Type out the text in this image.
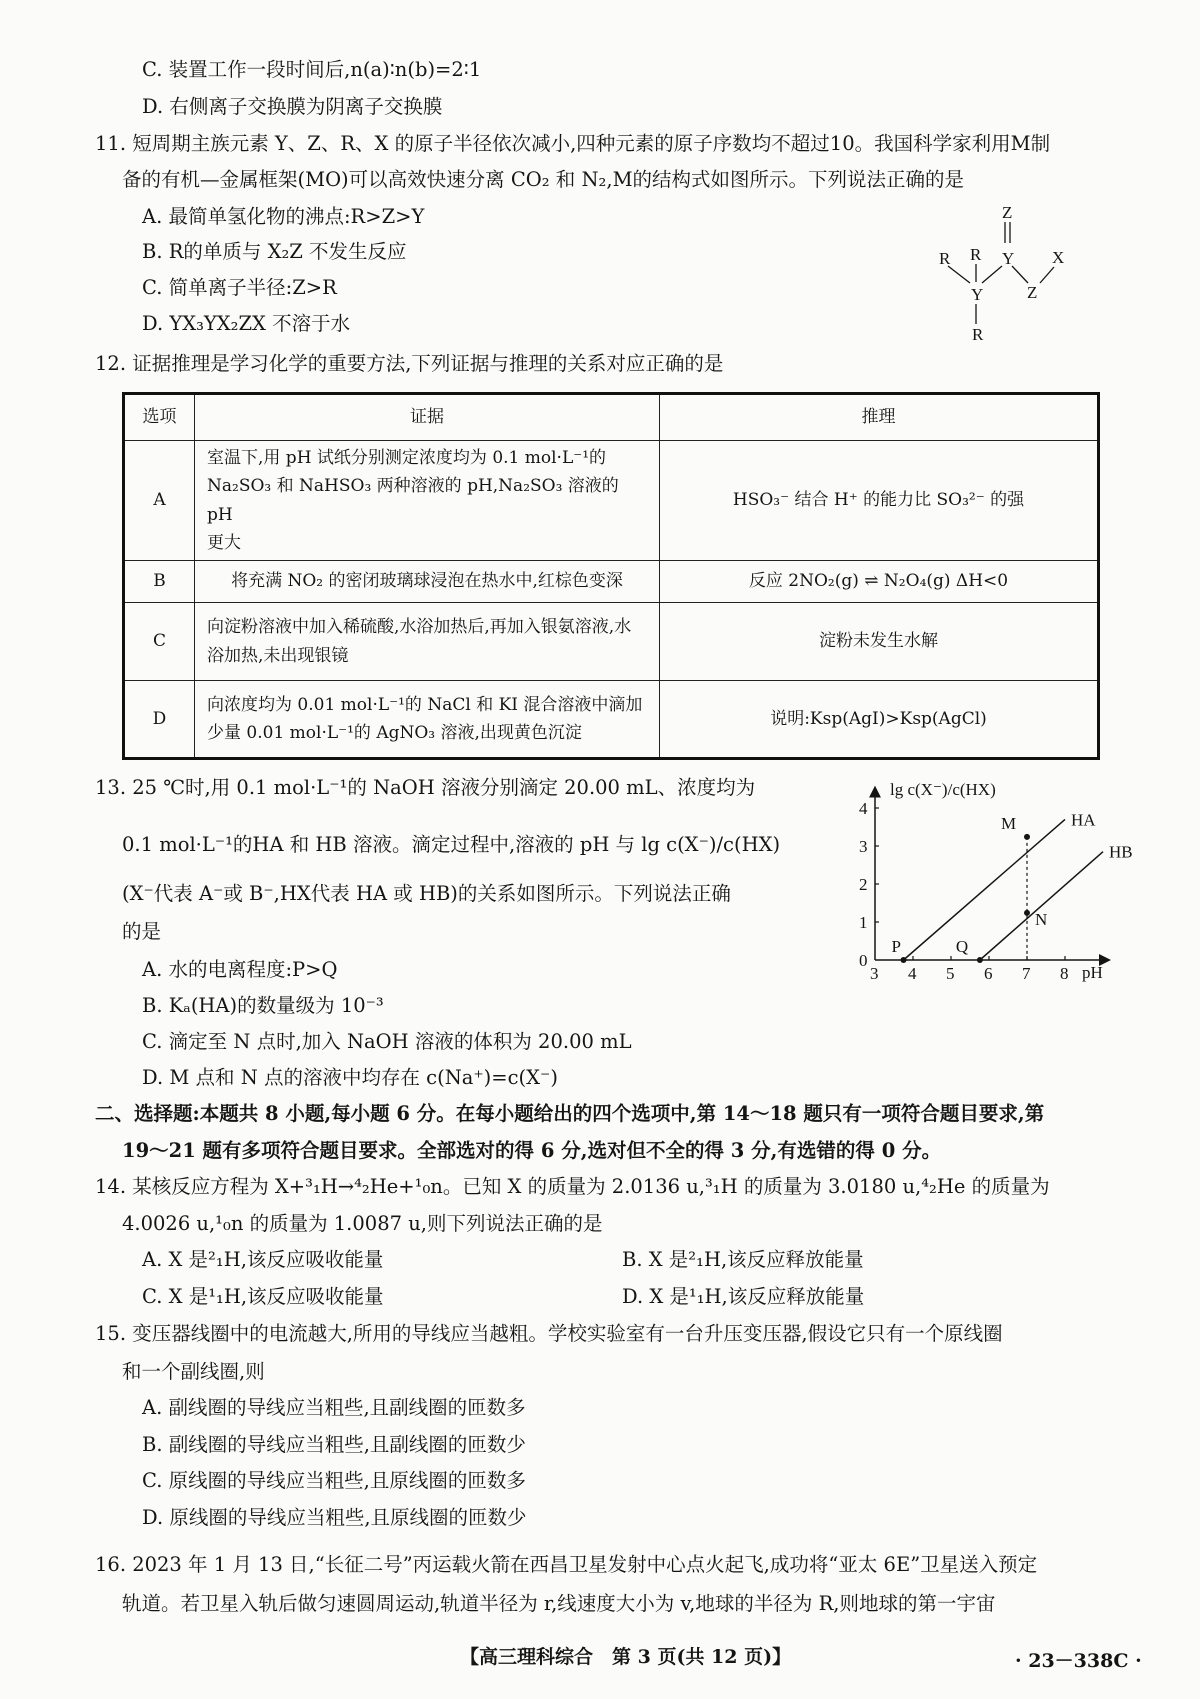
C. 装置工作一段时间后,n(a)∶n(b)=2∶1
D. 右侧离子交换膜为阴离子交换膜
11. 短周期主族元素 Y、Z、R、X 的原子半径依次减小,四种元素的原子序数均不超过10。我国科学家利用M制
备的有机—金属框架(MO)可以高效快速分离 CO₂ 和 N₂,M的结构式如图所示。下列说法正确的是
A. 最简单氢化物的沸点:R>Z>Y
B. R的单质与 X₂Z 不发生反应
C. 简单离子半径:Z>R
D. YX₃YX₂ZX 不溶于水
Z
R R Y X
Y	Z
R
12. 证据推理是学习化学的重要方法,下列证据与推理的关系对应正确的是
选项	证据	推理
A	室温下,用 pH 试纸分别测定浓度均为 0.1 mol·L⁻¹的
Na₂SO₃ 和 NaHSO₃ 两种溶液的 pH,Na₂SO₃ 溶液的 pH
更大	HSO₃⁻ 结合 H⁺ 的能力比 SO₃²⁻ 的强
B	将充满 NO₂ 的密闭玻璃球浸泡在热水中,红棕色变深	反应 2NO₂(g) ⇌ N₂O₄(g) ΔH<0
C	向淀粉溶液中加入稀硫酸,水浴加热后,再加入银氨溶液,水
浴加热,未出现银镜	淀粉未发生水解
D	向浓度均为 0.01 mol·L⁻¹的 NaCl 和 KI 混合溶液中滴加
少量 0.01 mol·L⁻¹的 AgNO₃ 溶液,出现黄色沉淀	说明:Ksp(AgI)>Ksp(AgCl)
13. 25 ℃时,用 0.1 mol·L⁻¹的 NaOH 溶液分别滴定 20.00 mL、浓度均为
0.1 mol·L⁻¹的HA 和 HB 溶液。滴定过程中,溶液的 pH 与 lg c(X⁻)/c(HX)
(X⁻代表 A⁻或 B⁻,HX代表 HA 或 HB)的关系如图所示。下列说法正确
的是
A. 水的电离程度:P>Q
B. Kₐ(HA)的数量级为 10⁻³
C. 滴定至 N 点时,加入 NaOH 溶液的体积为 20.00 mL
D. M 点和 N 点的溶液中均存在 c(Na⁺)=c(X⁻)
lg c(X⁻)/c(HX)
pH
3 4 5 6 7 8
0
1
2
3
4
HA
HB
P	Q
M
N
二、选择题:本题共 8 小题,每小题 6 分。在每小题给出的四个选项中,第 14～18 题只有一项符合题目要求,第
19～21 题有多项符合题目要求。全部选对的得 6 分,选对但不全的得 3 分,有选错的得 0 分。
14. 某核反应方程为 X+³₁H→⁴₂He+¹₀n。已知 X 的质量为 2.0136 u,³₁H 的质量为 3.0180 u,⁴₂He 的质量为
4.0026 u,¹₀n 的质量为 1.0087 u,则下列说法正确的是
A. X 是²₁H,该反应吸收能量	B. X 是²₁H,该反应释放能量
C. X 是¹₁H,该反应吸收能量	D. X 是¹₁H,该反应释放能量
15. 变压器线圈中的电流越大,所用的导线应当越粗。学校实验室有一台升压变压器,假设它只有一个原线圈
和一个副线圈,则
A. 副线圈的导线应当粗些,且副线圈的匝数多
B. 副线圈的导线应当粗些,且副线圈的匝数少
C. 原线圈的导线应当粗些,且原线圈的匝数多
D. 原线圈的导线应当粗些,且原线圈的匝数少
16. 2023 年 1 月 13 日,“长征二号”丙运载火箭在西昌卫星发射中心点火起飞,成功将“亚太 6E”卫星送入预定
轨道。若卫星入轨后做匀速圆周运动,轨道半径为 r,线速度大小为 v,地球的半径为 R,则地球的第一宇宙
【高三理科综合　第 3 页(共 12 页)】	· 23－338C ·
